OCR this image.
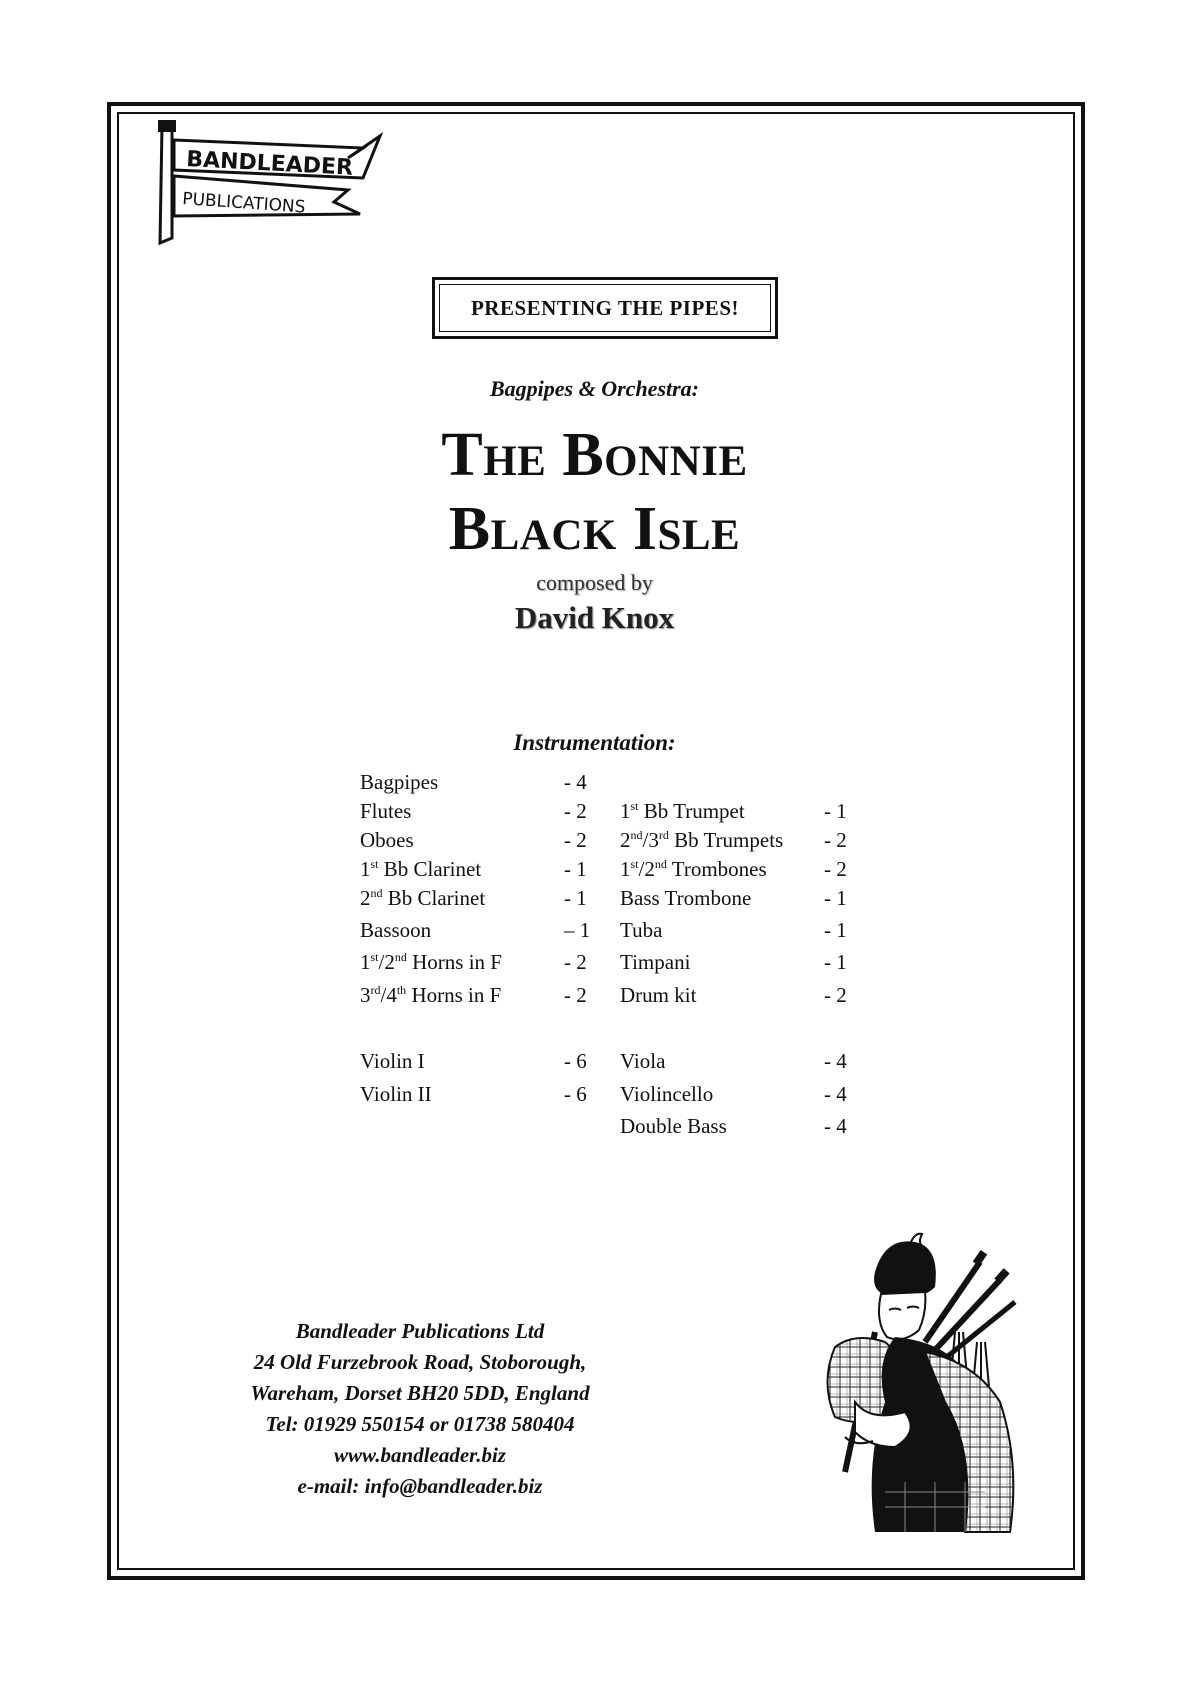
BANDLEADER
PUBLICATIONS
PRESENTING THE PIPES!
Bagpipes & Orchestra:
The Bonnie
Black Isle
composed by
David Knox
Instrumentation:
Bagpipes	- 4
Flutes	- 2
Oboes	- 2
1st Bb Clarinet	- 1
2nd Bb Clarinet	- 1
Bassoon	– 1
1st/2nd Horns in F	- 2
3rd/4th Horns in F	- 2
Violin I	- 6
Violin II	- 6
1st Bb Trumpet	- 1
2nd/3rd Bb Trumpets - 2
1st/2nd Trombones	- 2
Bass Trombone	- 1
Tuba	- 1
Timpani	- 1
Drum kit	- 2
Viola	- 4
Violincello	- 4
Double Bass	- 4
Bandleader Publications Ltd
24 Old Furzebrook Road, Stoborough,
Wareham, Dorset BH20 5DD, England
Tel: 01929 550154 or 01738 580404
www.bandleader.biz
e-mail: info@bandleader.biz
